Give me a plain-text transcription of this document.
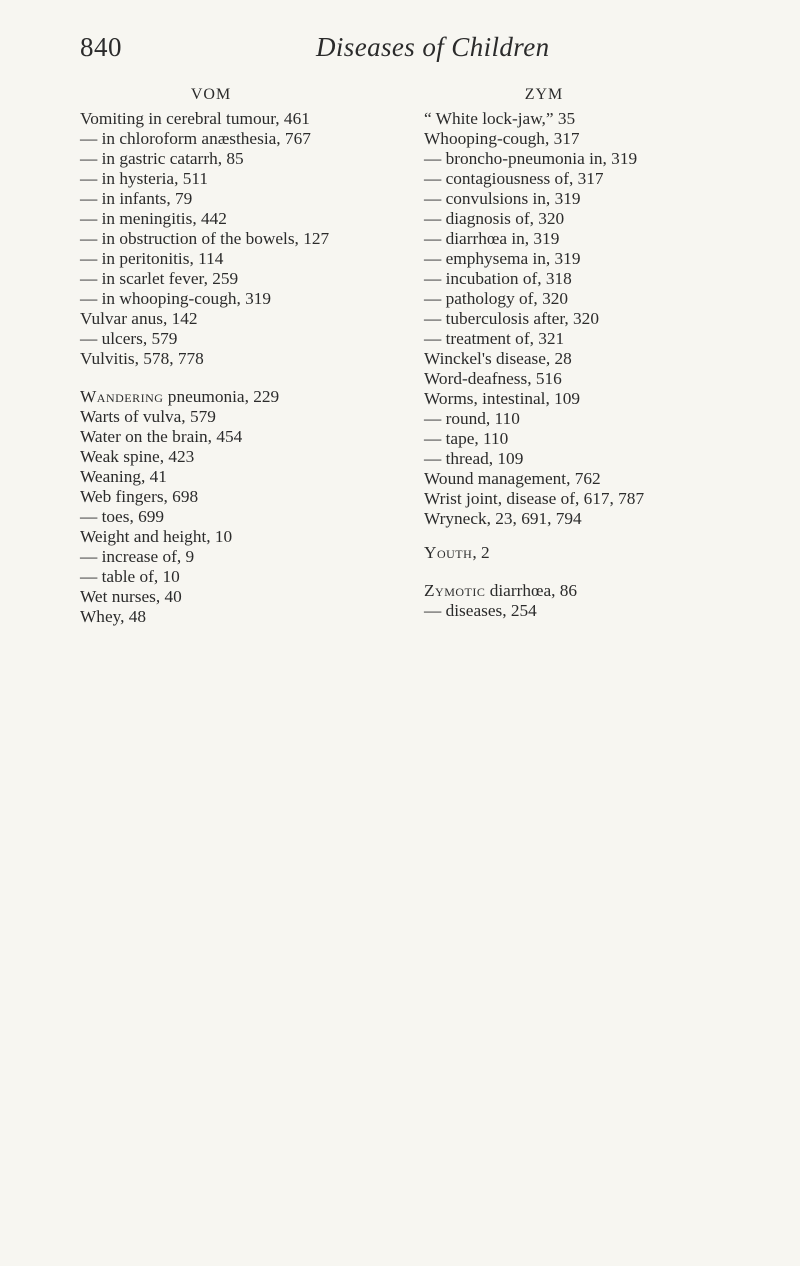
840	Diseases of Children
VOM
Vomiting in cerebral tumour, 461
— in chloroform anæsthesia, 767
— in gastric catarrh, 85
— in hysteria, 511
— in infants, 79
— in meningitis, 442
— in obstruction of the bowels, 127
— in peritonitis, 114
— in scarlet fever, 259
— in whooping-cough, 319
Vulvar anus, 142
— ulcers, 579
Vulvitis, 578, 778
Wandering pneumonia, 229
Warts of vulva, 579
Water on the brain, 454
Weak spine, 423
Weaning, 41
Web fingers, 698
— toes, 699
Weight and height, 10
— increase of, 9
— table of, 10
Wet nurses, 40
Whey, 48
ZYM
“ White lock-jaw,” 35
Whooping-cough, 317
— broncho-pneumonia in, 319
— contagiousness of, 317
— convulsions in, 319
— diagnosis of, 320
— diarrhœa in, 319
— emphysema in, 319
— incubation of, 318
— pathology of, 320
— tuberculosis after, 320
— treatment of, 321
Winckel's disease, 28
Word-deafness, 516
Worms, intestinal, 109
— round, 110
— tape, 110
— thread, 109
Wound management, 762
Wrist joint, disease of, 617, 787
Wryneck, 23, 691, 794
Youth, 2
Zymotic diarrhœa, 86
— diseases, 254
